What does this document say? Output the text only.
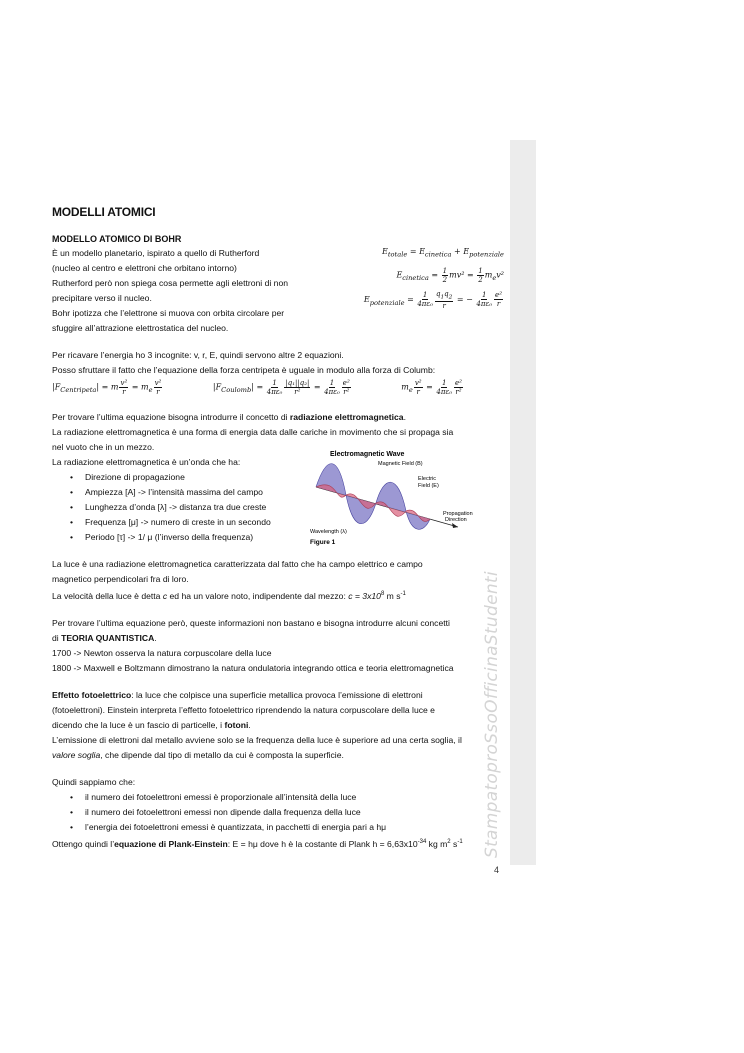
StampatoproSsoOfficinaStudenti
4
MODELLI ATOMICI
MODELLO ATOMICO DI BOHR

È un modello planetario, ispirato a quello di Rutherford

(nucleo al centro e elettroni che orbitano intorno)

Rutherford però non spiega cosa permette agli elettroni di non

precipitare verso il nucleo.

Bohr ipotizza che l’elettrone si muova con orbita circolare per

sfuggire all’attrazione elettrostatica del nucleo.

$E_{totale} = E_{cinetica} + E_{potenziale}$
$E_{cinetica} = \frac{1}{2} mv^2 = \frac{1}{2} m_ev^2$
$E_{potenziale} = \frac{1}{\text{4πε₀}} \frac{q_1q_2}{r}$ = − $\frac{1}{\text{4πε₀}} \frac{\text{e²}}{r}$

Per ricavare l’energia ho 3 incognite: v, r, E, quindi servono altre 2 equazioni.

Posso sfruttare il fatto che l’equazione della forza centripeta è uguale in modulo alla forza di Columb:

$|F_{Centripeta}| = m \frac{\text{v²}}{r} = m_e \frac{\text{v²}}{r}$	$|F_{Coulomb}| = \frac{1}{\text{4πε₀}} \frac{\text{|q₁||q₂|}}{\text{r²}} = \frac{1}{\text{4πε₀}} \frac{\text{e²}}{\text{r²}}$	$m_e \frac{\text{v²}}{r} = \frac{1}{\text{4πε₀}} \frac{\text{e²}}{\text{r²}}$

Per trovare l’ultima equazione bisogna introdurre il concetto di radiazione elettromagnetica.

La radiazione elettromagnetica è una forma di energia data dalle cariche in movimento che si propaga sia

nel vuoto che in un mezzo.

La radiazione elettromagnetica è un’onda che ha:

• Direzione di propagazione
• Ampiezza [A] -> l’intensità massima del campo
• Lunghezza d’onda [λ] -> distanza tra due creste
• Frequenza [μ] -> numero di creste in un secondo
• Periodo [τ] -> 1/ μ (l’inverso della frequenza)
Electromagnetic Wave
Magnetic Field (B)
Electric
Field (E)
Propagation
Direction
Wavelength (λ)
Figure 1

La luce è una radiazione elettromagnetica caratterizzata dal fatto che ha campo elettrico e campo

magnetico perpendicolari fra di loro.

La velocità della luce è detta c ed ha un valore noto, indipendente dal mezzo: $c = 3x10^8$ m $s^{-1}$

Per trovare l’ultima equazione però, queste informazioni non bastano e bisogna introdurre alcuni concetti

di TEORIA QUANTISTICA.

1700 -> Newton osserva la natura corpuscolare della luce

1800 -> Maxwell e Boltzmann dimostrano la natura ondulatoria integrando ottica e teoria elettromagnetica

Effetto fotoelettrico: la luce che colpisce una superficie metallica provoca l’emissione di elettroni

(fotoelettroni). Einstein interpreta l’effetto fotoelettrico riprendendo la natura corpuscolare della luce e

dicendo che la luce è un fascio di particelle, i fotoni.

L’emissione di elettroni dal metallo avviene solo se la frequenza della luce è superiore ad una certa soglia, il

valore soglia, che dipende dal tipo di metallo da cui è composta la superficie.

Quindi sappiamo che:

• il numero dei fotoelettroni emessi è proporzionale all’intensità della luce
• il numero dei fotoelettroni emessi non dipende dalla frequenza della luce
• l’energia dei fotoelettroni emessi è quantizzata, in pacchetti di energia pari a hμ

Ottengo quindi l’equazione di Plank-Einstein: E = hμ dove h è la costante di Plank $h = 6,63x10^{-34}$ kg $m^2$ $s^{-1}$
